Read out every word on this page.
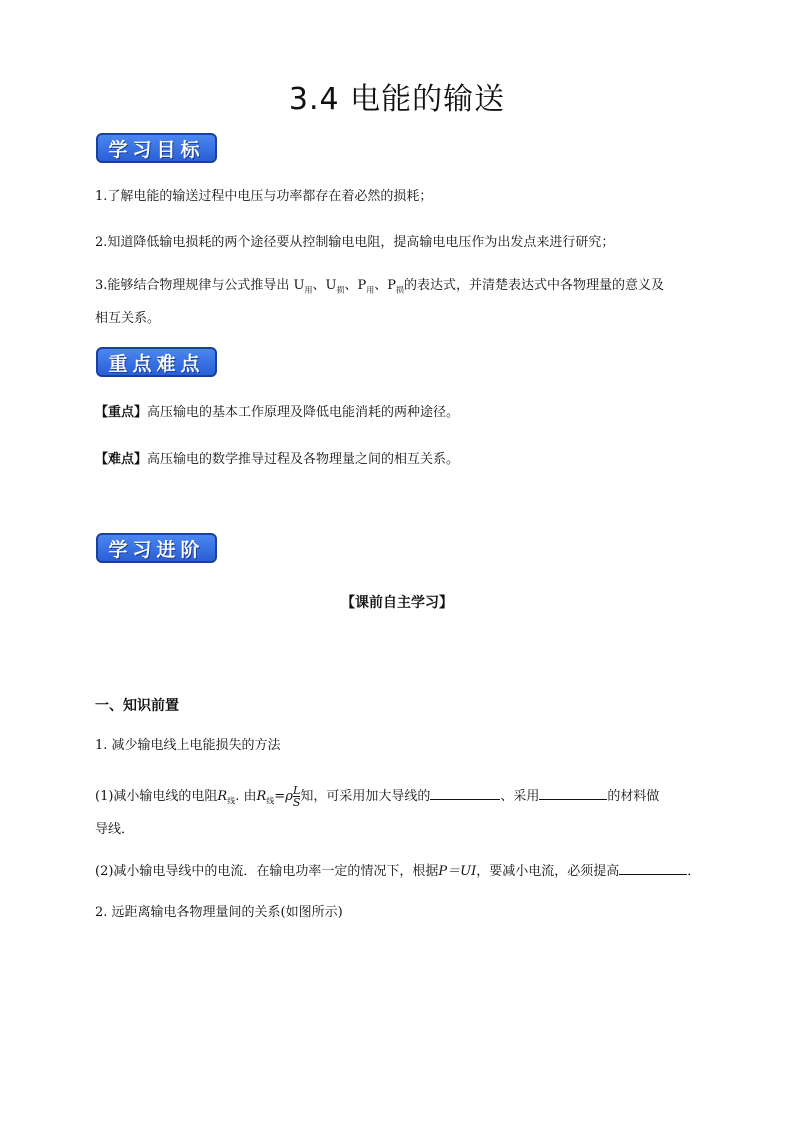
3.4 电能的输送
学习目标
1.了解电能的输送过程中电压与功率都存在着必然的损耗；
2.知道降低输电损耗的两个途径要从控制输电电阻，提高输电电压作为出发点来进行研究；
3.能够结合物理规律与公式推导出 $U_用$、$U_损$、$P_用$、$P_损$的表达式，并清楚表达式中各物理量的意义及
相互关系。
重点难点
【重点】高压输电的基本工作原理及降低电能消耗的两种途径。
【难点】高压输电的数学推导过程及各物理量之间的相互关系。
学习进阶
【课前自主学习】
一、知识前置
1. 减少输电线上电能损失的方法
(1)减小输电线的电阻$R_线$. 由$R_线=\rho \frac{L}{S}$ 知，可采用加大导线的	、采用	的材料做
导线．
(2)减小输电导线中的电流．在输电功率一定的情况下，根据P＝UI，要减小电流，必须提高	．
2. 远距离输电各物理量间的关系(如图所示)
